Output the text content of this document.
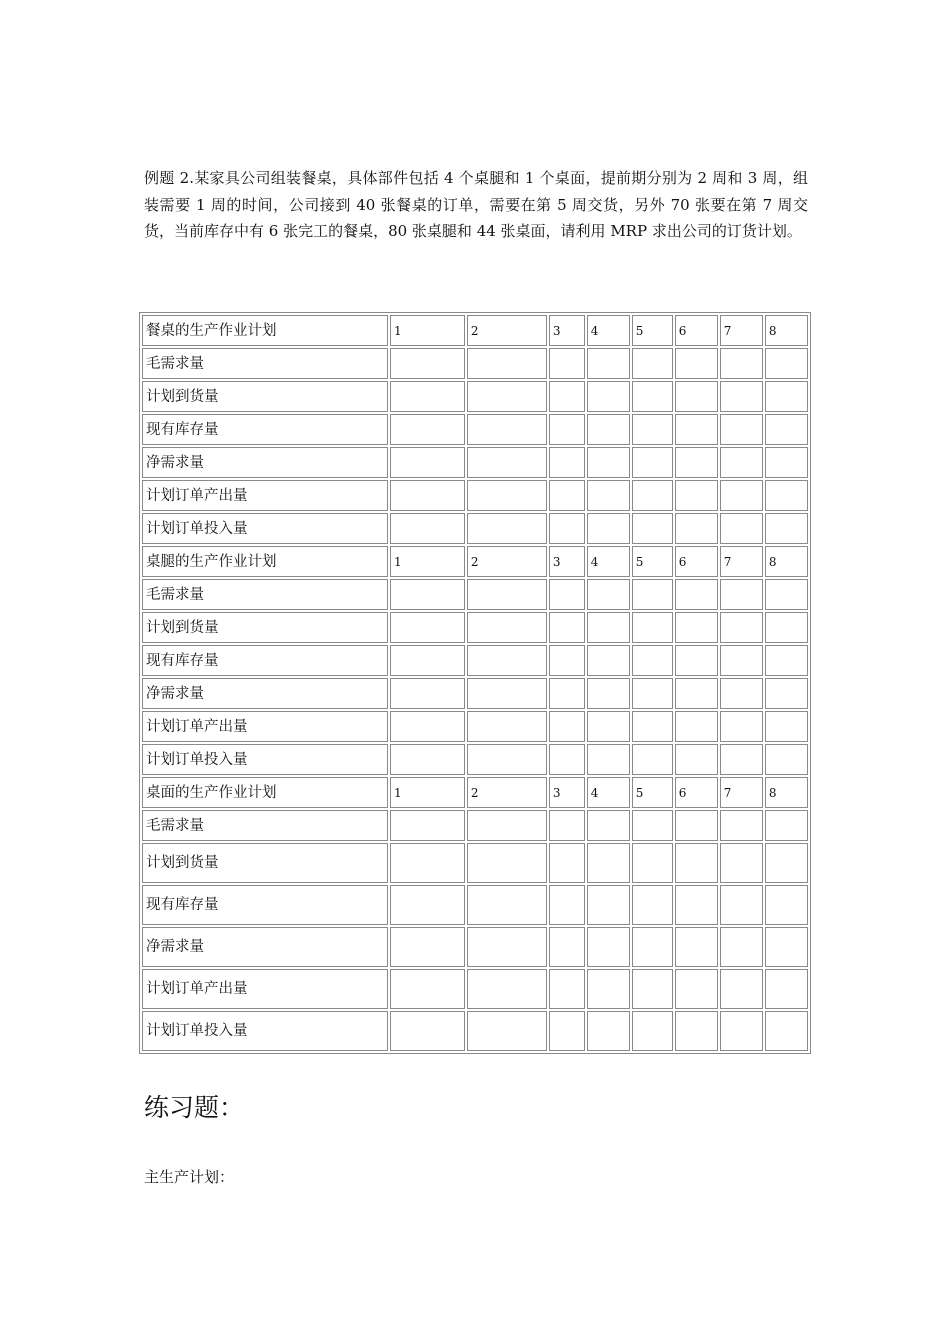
例题 2.某家具公司组装餐桌，具体部件包括 4 个桌腿和 1 个桌面，提前期分别为 2 周和 3 周，组装需要 1 周的时间，公司接到 40 张餐桌的订单，需要在第 5 周交货，另外 70 张要在第 7 周交货，当前库存中有 6 张完工的餐桌，80 张桌腿和 44 张桌面，请利用 MRP 求出公司的订货计划。

餐桌的生产作业计划	1	2	3	4	5	6	7	8
毛需求量								
计划到货量								
现有库存量								
净需求量								
计划订单产出量								
计划订单投入量								
桌腿的生产作业计划	1	2	3	4	5	6	7	8
毛需求量								
计划到货量								
现有库存量								
净需求量								
计划订单产出量								
计划订单投入量								
桌面的生产作业计划	1	2	3	4	5	6	7	8
毛需求量								
计划到货量								
现有库存量								
净需求量								
计划订单产出量								
计划订单投入量								
练习题：

主生产计划：
